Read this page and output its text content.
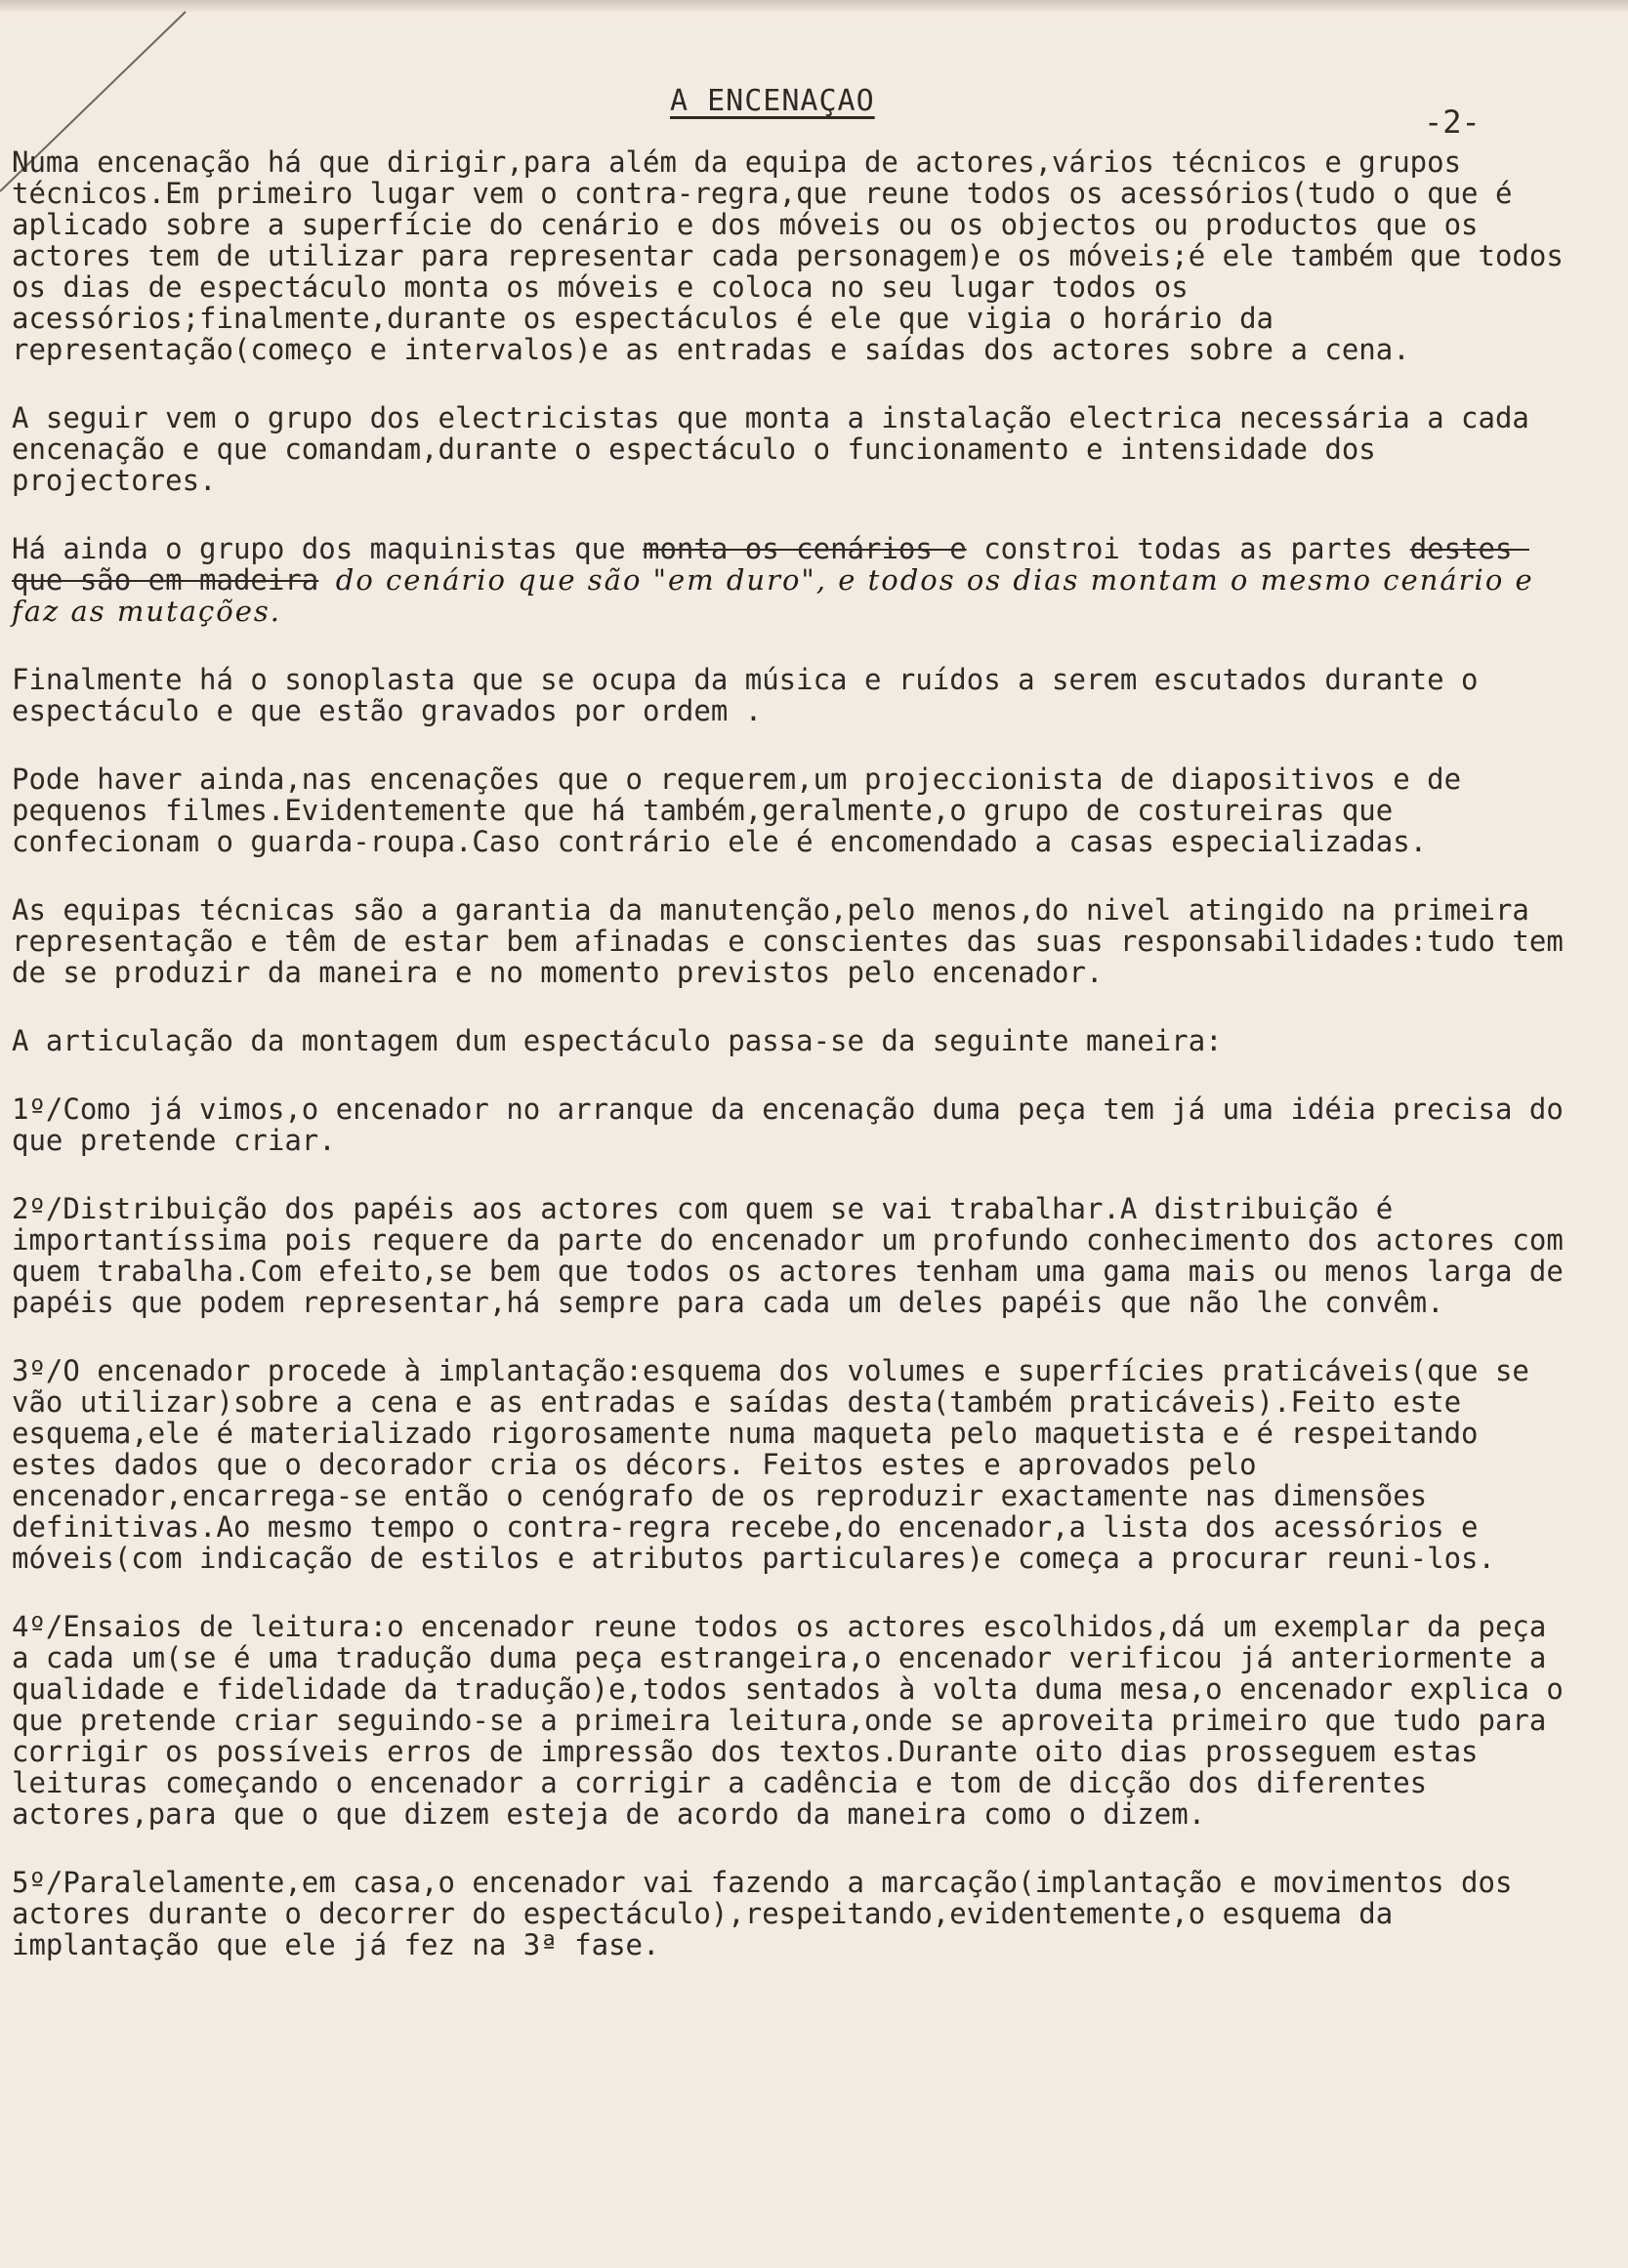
A ENCENAÇAO
-2-

Numa encenação há que dirigir,para além da equipa de actores,vários técnicos e grupos técnicos.Em primeiro lugar vem o contra-regra,que reune todos os acessórios(tudo o que é aplicado sobre a superfície do cenário e dos móveis ou os objectos ou productos que os actores tem de utilizar para representar cada personagem)e os móveis;é ele também que todos os dias de espectáculo monta os móveis e coloca no seu lugar todos os acessórios;finalmente,durante os espectáculos é ele que vigia o horário da representação(começo e intervalos)e as entradas e saídas dos actores sobre a cena.

A seguir vem o grupo dos electricistas que monta a instalação electrica necessária a cada encenação e que comandam,durante o espectáculo o funcionamento e intensidade dos projectores.

Há ainda o grupo dos maquinistas que monta os cenários e constroi todas as partes destes que são em madeira do cenário que são "em duro", e todos os dias montam o mesmo cenário e faz as mutações.

Finalmente há o sonoplasta que se ocupa da música e ruídos a serem escutados durante o espectáculo e que estão gravados por ordem .

Pode haver ainda,nas encenações que o requerem,um projeccionista de diapositivos e de pequenos filmes.Evidentemente que há também,geralmente,o grupo de costureiras que confecionam o guarda-roupa.Caso contrário ele é encomendado a casas especializadas.

As equipas técnicas são a garantia da manutenção,pelo menos,do nivel atingido na primeira representação e têm de estar bem afinadas e conscientes das suas responsabilidades:tudo tem de se produzir da maneira e no momento previstos pelo encenador.

A articulação da montagem dum espectáculo passa-se da seguinte maneira:

1º/Como já vimos,o encenador no arranque da encenação duma peça tem já uma idéia precisa do que pretende criar.

2º/Distribuição dos papéis aos actores com quem se vai trabalhar.A distribuição é importantíssima pois requere da parte do encenador um profundo conhecimento dos actores com quem trabalha.Com efeito,se bem que todos os actores tenham uma gama mais ou menos larga de papéis que podem representar,há sempre para cada um deles papéis que não lhe convêm.

3º/O encenador procede à implantação:esquema dos volumes e superfícies praticáveis(que se vão utilizar)sobre a cena e as entradas e saídas desta(também praticáveis).Feito este esquema,ele é materializado rigorosamente numa maqueta pelo maquetista e é respeitando estes dados que o decorador cria os décors. Feitos estes e aprovados pelo encenador,encarrega-se então o cenógrafo de os reproduzir exactamente nas dimensões definitivas.Ao mesmo tempo o contra-regra recebe,do encenador,a lista dos acessórios e móveis(com indicação de estilos e atributos particulares)e começa a procurar reuni-los.

4º/Ensaios de leitura:o encenador reune todos os actores escolhidos,dá um exemplar da peça a cada um(se é uma tradução duma peça estrangeira,o encenador verificou já anteriormente a qualidade e fidelidade da tradução)e,todos sentados à volta duma mesa,o encenador explica o que pretende criar seguindo-se a primeira leitura,onde se aproveita primeiro que tudo para corrigir os possíveis erros de impressão dos textos.Durante oito dias prosseguem estas leituras começando o encenador a corrigir a cadência e tom de dicção dos diferentes actores,para que o que dizem esteja de acordo da maneira como o dizem.

5º/Paralelamente,em casa,o encenador vai fazendo a marcação(implantação e movimentos dos actores durante o decorrer do espectáculo),respeitando,evidentemente,o esquema da implantação que ele já fez na 3ª fase.
